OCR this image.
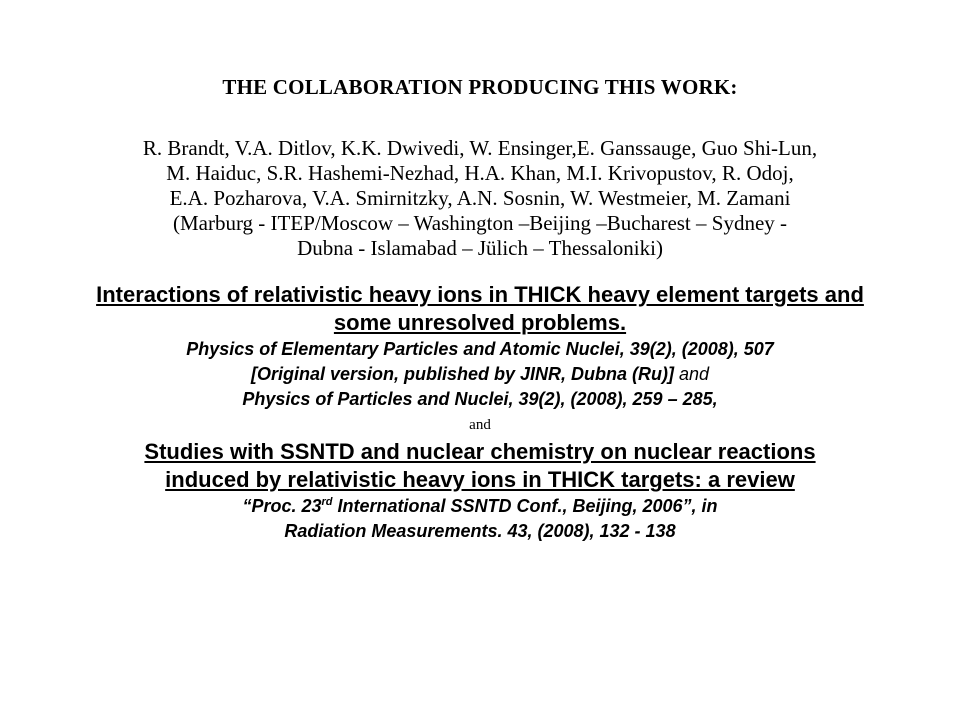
THE COLLABORATION PRODUCING THIS WORK:
R. Brandt, V.A. Ditlov, K.K. Dwivedi, W. Ensinger,E. Ganssauge, Guo Shi-Lun,
M. Haiduc, S.R. Hashemi-Nezhad, H.A. Khan, M.I. Krivopustov, R. Odoj,
E.A. Pozharova, V.A. Smirnitzky, A.N. Sosnin, W. Westmeier, M. Zamani
(Marburg - ITEP/Moscow – Washington –Beijing –Bucharest – Sydney -
Dubna - Islamabad – Jülich – Thessaloniki)
Interactions of relativistic heavy ions in THICK heavy element targets and
some unresolved problems.
Physics of Elementary Particles and Atomic Nuclei, 39(2), (2008), 507
[Original version, published by JINR, Dubna (Ru)] and
Physics of Particles and Nuclei, 39(2), (2008), 259 – 285,
and
Studies with SSNTD and nuclear chemistry on nuclear reactions
induced by relativistic heavy ions in THICK targets: a review
“Proc. 23rd International SSNTD Conf., Beijing, 2006”, in
Radiation Measurements. 43, (2008), 132 - 138
